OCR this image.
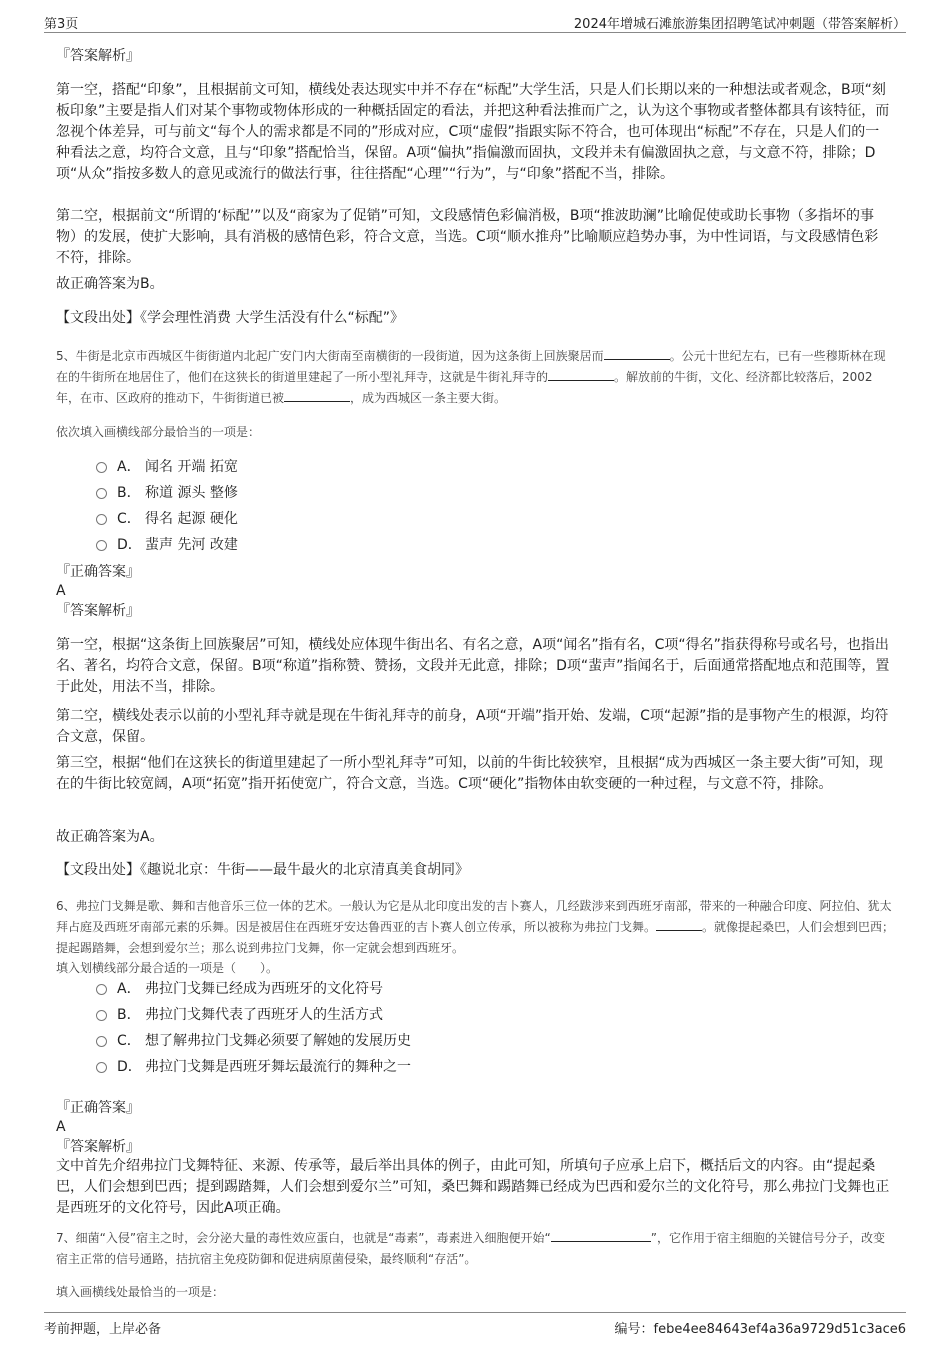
第3页	2024年增城石滩旅游集团招聘笔试冲刺题（带答案解析）
『答案解析』
第一空，搭配“印象”，且根据前文可知，横线处表达现实中并不存在“标配”大学生活，只是人们长期以来的一种想法或者观念，B项“刻板印象”主要是指人们对某个事物或物体形成的一种概括固定的看法，并把这种看法推而广之，认为这个事物或者整体都具有该特征，而忽视个体差异，可与前文“每个人的需求都是不同的”形成对应，C项“虚假”指跟实际不符合，也可体现出“标配”不存在，只是人们的一种看法之意，均符合文意，且与“印象”搭配恰当，保留。A项“偏执”指偏激而固执，文段并未有偏激固执之意，与文意不符，排除；D项“从众”指按多数人的意见或流行的做法行事，往往搭配“心理”“行为”，与“印象”搭配不当，排除。
第二空，根据前文“所谓的‘标配’”以及“商家为了促销”可知，文段感情色彩偏消极，B项“推波助澜”比喻促使或助长事物（多指坏的事物）的发展，使扩大影响，具有消极的感情色彩，符合文意，当选。C项“顺水推舟”比喻顺应趋势办事，为中性词语，与文段感情色彩不符，排除。
故正确答案为B。
【文段出处】《学会理性消费 大学生活没有什么“标配”》
5、牛街是北京市西城区牛街街道内北起广安门内大街南至南横街的一段街道，因为这条街上回族聚居而	。公元十世纪左右，已有一些穆斯林在现在的牛街所在地居住了，他们在这狭长的街道里建起了一所小型礼拜寺，这就是牛街礼拜寺的	。解放前的牛街，文化、经济都比较落后，2002年，在市、区政府的推动下，牛街街道已被	，成为西城区一条主要大街。
依次填入画横线部分最恰当的一项是：
A． 闻名 开端 拓宽
B． 称道 源头 整修
C． 得名 起源 硬化
D． 蜚声 先河 改建
『正确答案』
A
『答案解析』
第一空，根据“这条街上回族聚居”可知，横线处应体现牛街出名、有名之意，A项“闻名”指有名，C项“得名”指获得称号或名号，也指出名、著名，均符合文意，保留。B项“称道”指称赞、赞扬，文段并无此意，排除；D项“蜚声”指闻名于，后面通常搭配地点和范围等，置于此处，用法不当，排除。
第二空，横线处表示以前的小型礼拜寺就是现在牛街礼拜寺的前身，A项“开端”指开始、发端，C项“起源”指的是事物产生的根源，均符合文意，保留。
第三空，根据“他们在这狭长的街道里建起了一所小型礼拜寺”可知，以前的牛街比较狭窄，且根据“成为西城区一条主要大街”可知，现在的牛街比较宽阔，A项“拓宽”指开拓使宽广，符合文意，当选。C项“硬化”指物体由软变硬的一种过程，与文意不符，排除。
故正确答案为A。
【文段出处】《趣说北京：牛街——最牛最火的北京清真美食胡同》
6、弗拉门戈舞是歌、舞和吉他音乐三位一体的艺术。一般认为它是从北印度出发的吉卜赛人，几经跋涉来到西班牙南部，带来的一种融合印度、阿拉伯、犹太拜占庭及西班牙南部元素的乐舞。因是被居住在西班牙安达鲁西亚的吉卜赛人创立传承，所以被称为弗拉门戈舞。	。就像提起桑巴，人们会想到巴西；提起踢踏舞，会想到爱尔兰；那么说到弗拉门戈舞，你一定就会想到西班牙。
填入划横线部分最合适的一项是（　　）。
A． 弗拉门戈舞已经成为西班牙的文化符号
B． 弗拉门戈舞代表了西班牙人的生活方式
C． 想了解弗拉门戈舞必须要了解她的发展历史
D． 弗拉门戈舞是西班牙舞坛最流行的舞种之一
『正确答案』
A
『答案解析』
文中首先介绍弗拉门戈舞特征、来源、传承等，最后举出具体的例子，由此可知，所填句子应承上启下，概括后文的内容。由“提起桑巴，人们会想到巴西；提到踢踏舞，人们会想到爱尔兰”可知，桑巴舞和踢踏舞已经成为巴西和爱尔兰的文化符号，那么弗拉门戈舞也正是西班牙的文化符号，因此A项正确。
7、细菌“入侵”宿主之时，会分泌大量的毒性效应蛋白，也就是“毒素”，毒素进入细胞便开始“	”，它作用于宿主细胞的关键信号分子，改变宿主正常的信号通路，拮抗宿主免疫防御和促进病原菌侵染，最终顺利“存活”。
填入画横线处最恰当的一项是：
考前押题，上岸必备	编号：febe4ee84643ef4a36a9729d51c3ace6
